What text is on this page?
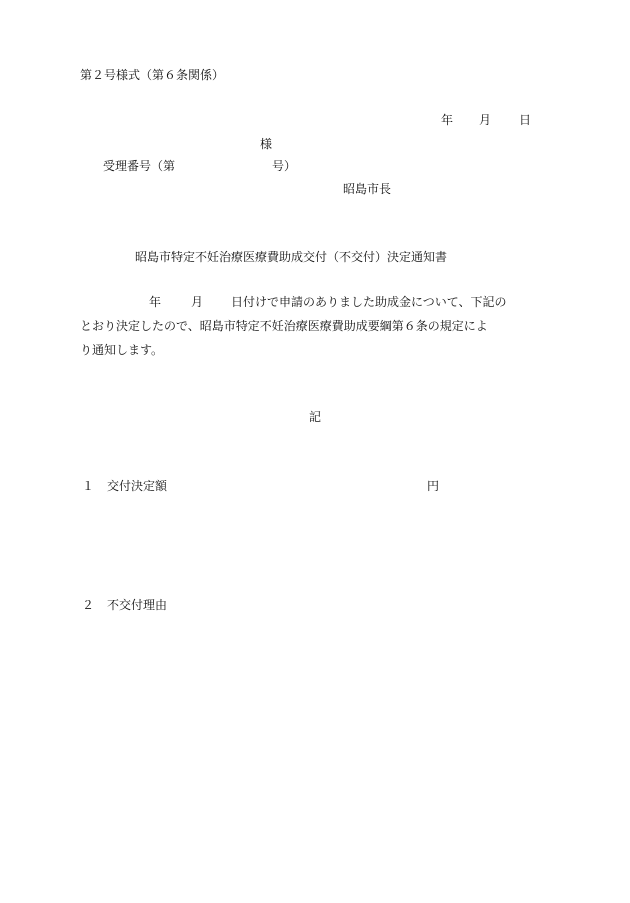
第２号様式（第６条関係）
年 月 日
様
受理番号（第	号）
昭島市長
昭島市特定不妊治療医療費助成交付（不交付）決定通知書
年	月 日付けで申請のありました助成金について、下記の
とおり決定したので、昭島市特定不妊治療医療費助成要綱第６条の規定によ
り通知します。
記
１ 交付決定額	円
２ 不交付理由
